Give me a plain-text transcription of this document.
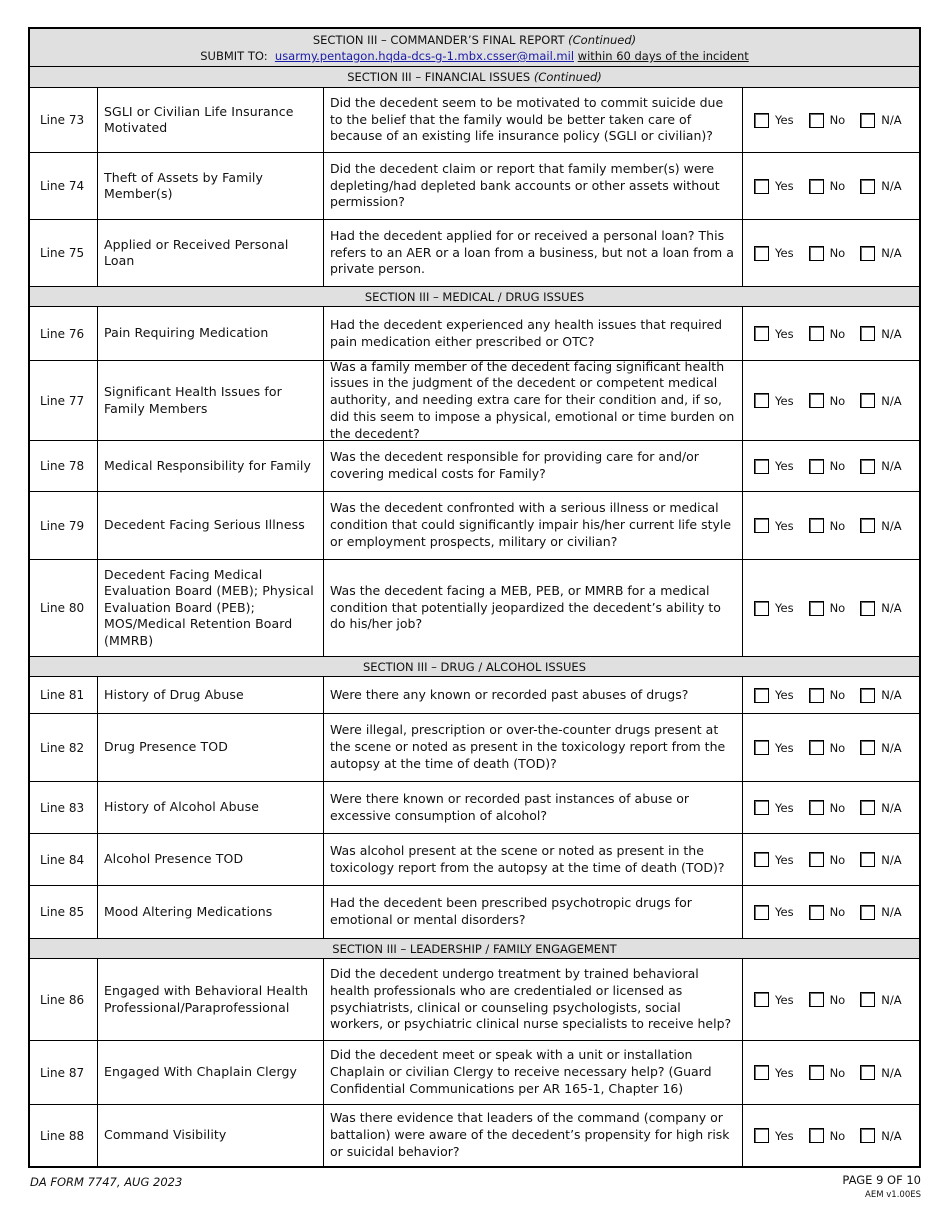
SECTION III – COMMANDER’S FINAL REPORT (Continued)
SUBMIT TO: usarmy.pentagon.hqda-dcs-g-1.mbx.csser@mail.mil within 60 days of the incident
SECTION III – FINANCIAL ISSUES (Continued)
Line 73
SGLI or Civilian Life Insurance Motivated
Did the decedent seem to be motivated to commit suicide due to the belief that the family would be better taken care of because of an existing life insurance policy (SGLI or civilian)?
Yes	No	N/A
Line 74
Theft of Assets by Family Member(s)
Did the decedent claim or report that family member(s) were depleting/had depleted bank accounts or other assets without permission?
Yes	No	N/A
Line 75
Applied or Received Personal Loan
Had the decedent applied for or received a personal loan? This refers to an AER or a loan from a business, but not a loan from a private person.
Yes	No	N/A
SECTION III – MEDICAL / DRUG ISSUES
Line 76	Pain Requiring Medication
Had the decedent experienced any health issues that required pain medication either prescribed or OTC?	Yes	No	N/A
Line 77
Significant Health Issues for Family Members
Was a family member of the decedent facing significant health issues in the judgment of the decedent or competent medical authority, and needing extra care for their condition and, if so, did this seem to impose a physical, emotional or time burden on the decedent?
Yes	No	N/A
Line 78	Medical Responsibility for Family
Was the decedent responsible for providing care for and/or covering medical costs for Family?	Yes	No	N/A
Line 79	Decedent Facing Serious Illness
Was the decedent confronted with a serious illness or medical condition that could significantly impair his/her current life style or employment prospects, military or civilian?
Yes	No	N/A
Line 80
Decedent Facing Medical Evaluation Board (MEB); Physical Evaluation Board (PEB); MOS/Medical Retention Board (MMRB)
Was the decedent facing a MEB, PEB, or MMRB for a medical condition that potentially jeopardized the decedent’s ability to do his/her job?
Yes	No	N/A
SECTION III – DRUG / ALCOHOL ISSUES
Line 81	History of Drug Abuse	Were there any known or recorded past abuses of drugs?	Yes	No	N/A
Line 82	Drug Presence TOD
Were illegal, prescription or over-the-counter drugs present at the scene or noted as present in the toxicology report from the autopsy at the time of death (TOD)?
Yes	No	N/A
Line 83	History of Alcohol Abuse
Were there known or recorded past instances of abuse or excessive consumption of alcohol?	Yes	No	N/A
Line 84	Alcohol Presence TOD
Was alcohol present at the scene or noted as present in the toxicology report from the autopsy at the time of death (TOD)?	Yes	No	N/A
Line 85	Mood Altering Medications
Had the decedent been prescribed psychotropic drugs for emotional or mental disorders?	Yes	No	N/A
SECTION III – LEADERSHIP / FAMILY ENGAGEMENT
Line 86
Engaged with Behavioral Health Professional/Paraprofessional
Did the decedent undergo treatment by trained behavioral health professionals who are credentialed or licensed as psychiatrists, clinical or counseling psychologists, social workers, or psychiatric clinical nurse specialists to receive help?
Yes	No	N/A
Line 87	Engaged With Chaplain Clergy
Did the decedent meet or speak with a unit or installation Chaplain or civilian Clergy to receive necessary help? (Guard Confidential Communications per AR 165-1, Chapter 16)
Yes	No	N/A
Line 88	Command Visibility
Was there evidence that leaders of the command (company or battalion) were aware of the decedent’s propensity for high risk or suicidal behavior?
Yes	No	N/A
DA FORM 7747, AUG 2023	PAGE 9 OF 10
AEM v1.00ES
